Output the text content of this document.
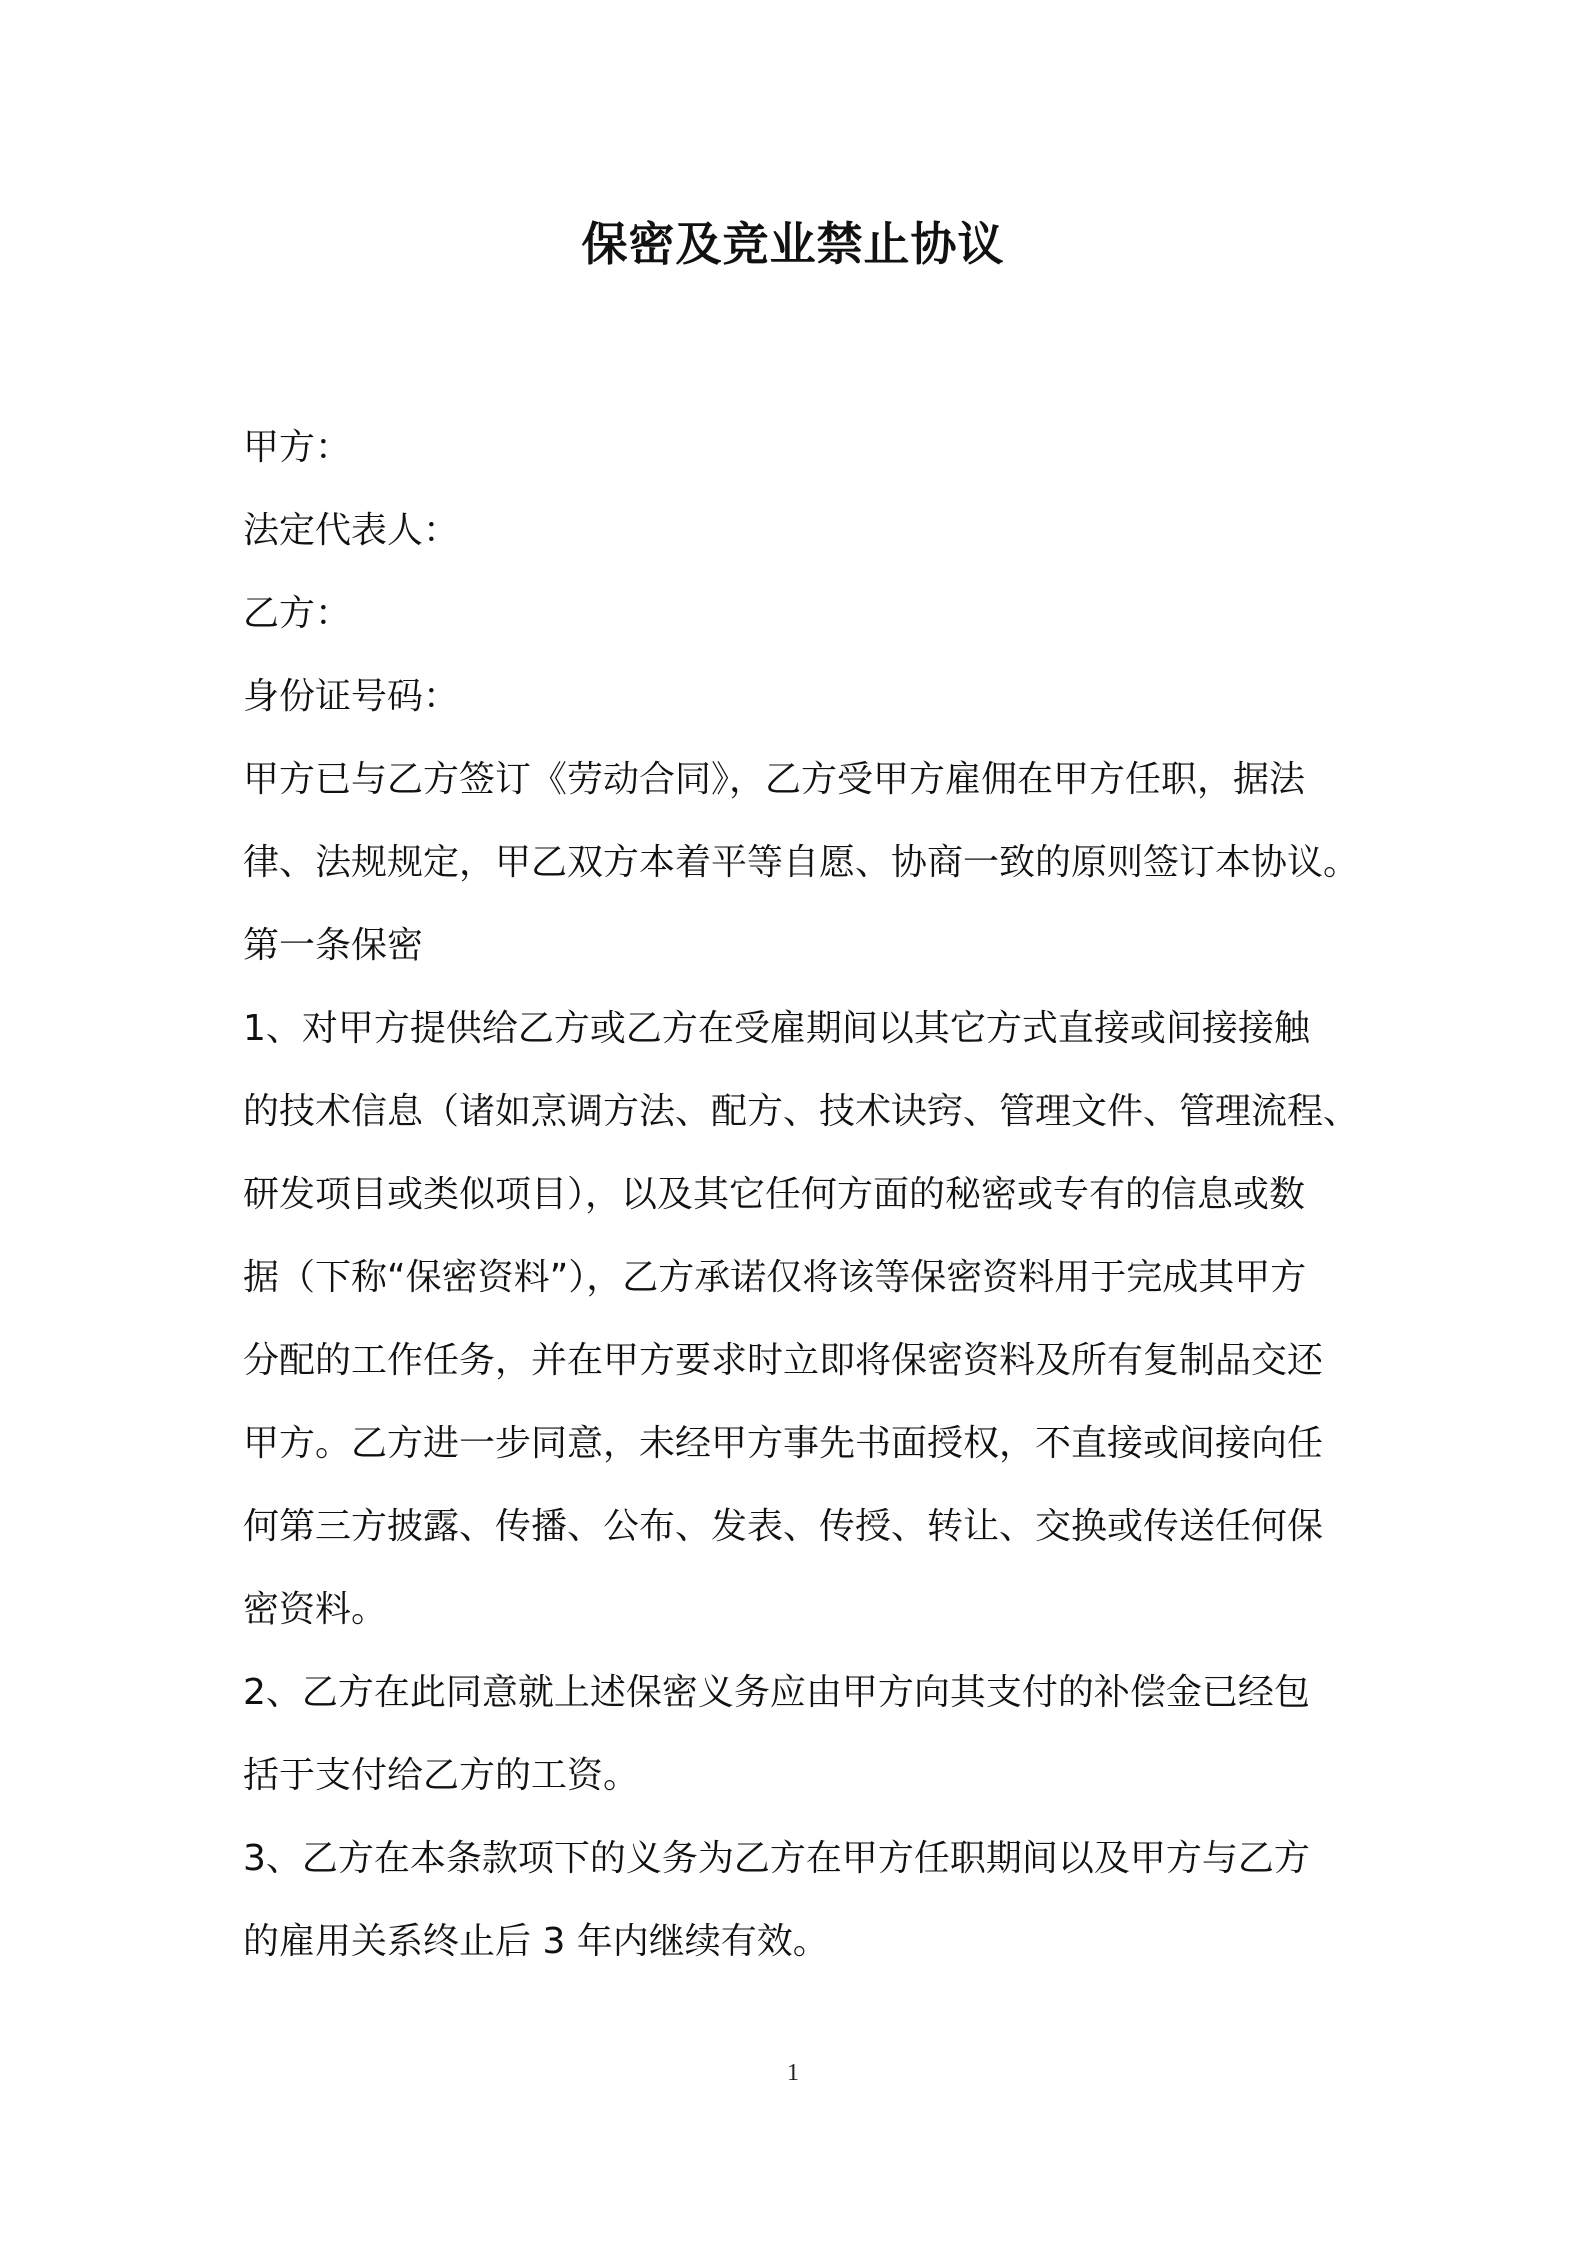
保密及竞业禁止协议
甲方：
法定代表人：
乙方：
身份证号码：
甲方已与乙方签订《劳动合同》，乙方受甲方雇佣在甲方任职，据法
律、法规规定，甲乙双方本着平等自愿、协商一致的原则签订本协议。
第一条保密
1、对甲方提供给乙方或乙方在受雇期间以其它方式直接或间接接触
的技术信息（诸如烹调方法、配方、技术诀窍、管理文件、管理流程、
研发项目或类似项目），以及其它任何方面的秘密或专有的信息或数
据（下称“保密资料”），乙方承诺仅将该等保密资料用于完成其甲方
分配的工作任务，并在甲方要求时立即将保密资料及所有复制品交还
甲方。乙方进一步同意，未经甲方事先书面授权，不直接或间接向任
何第三方披露、传播、公布、发表、传授、转让、交换或传送任何保
密资料。
2、乙方在此同意就上述保密义务应由甲方向其支付的补偿金已经包
括于支付给乙方的工资。
3、乙方在本条款项下的义务为乙方在甲方任职期间以及甲方与乙方
的雇用关系终止后 3 年内继续有效。
1
